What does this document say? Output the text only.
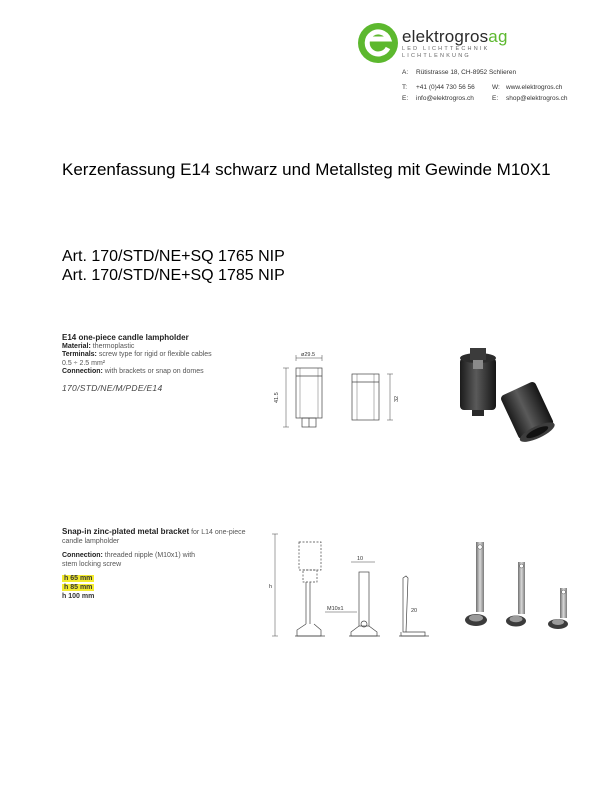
elektrogrosag
LED LICHTTECHNIK
LICHTLENKUNG
A: Rütistrasse 18, CH-8952 Schlieren
T: +41 (0)44 730 56 56	W: www.elektrogros.ch
E: info@elektrogros.ch	E: shop@elektrogros.ch
Kerzenfassung E14 schwarz und Metallsteg mit Gewinde M10X1
Art. 170/STD/NE+SQ 1765 NIP
Art. 170/STD/NE+SQ 1785 NIP
E14 one-piece candle lampholder
Material: thermoplastic
Terminals: screw type for rigid or flexible cables 0.5 ÷ 2.5 mm²
Connection: with brackets or snap on domes
170/STD/NE/M/PDE/E14
ø29.5
41.5	32
Snap-in zinc-plated metal bracket for L14 one-piece candle lampholder
Connection: threaded nipple (M10x1) with stem locking screw
h 65 mm
h 85 mm
h 100 mm
h
10
M10x1	20
